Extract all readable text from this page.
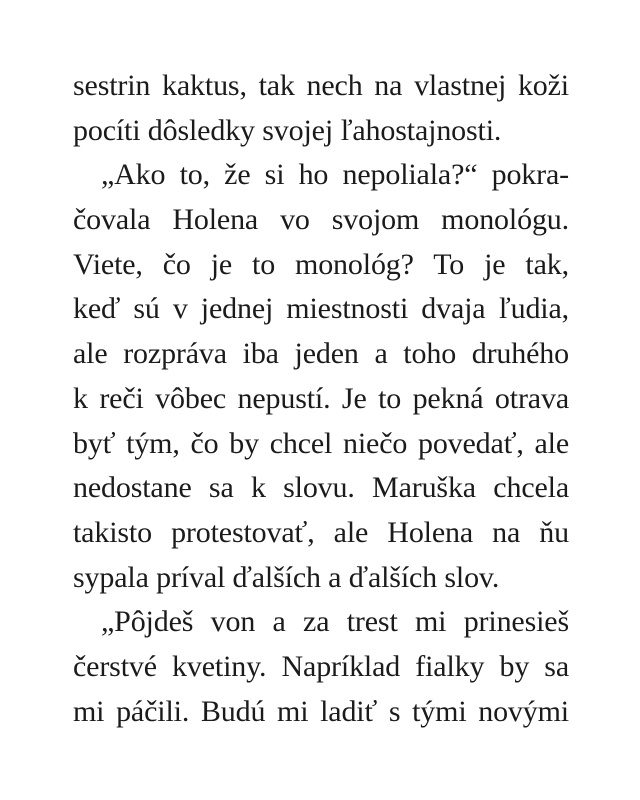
sestrin kaktus, tak nech na vlastnej koži
pocíti dôsledky svojej ľahostajnosti.
„Ako to, že si ho nepoliala?“ pokra-
čovala Holena vo svojom monológu.
Viete, čo je to monológ? To je tak,
keď sú v jednej miestnosti dvaja ľudia,
ale rozpráva iba jeden a toho druhého
k reči vôbec nepustí. Je to pekná otrava
byť tým, čo by chcel niečo povedať, ale
nedostane sa k slovu. Maruška chcela
takisto protestovať, ale Holena na ňu
sypala príval ďalších a ďalších slov.
„Pôjdeš von a za trest mi prinesieš
čerstvé kvetiny. Napríklad fialky by sa
mi páčili. Budú mi ladiť s tými novými
